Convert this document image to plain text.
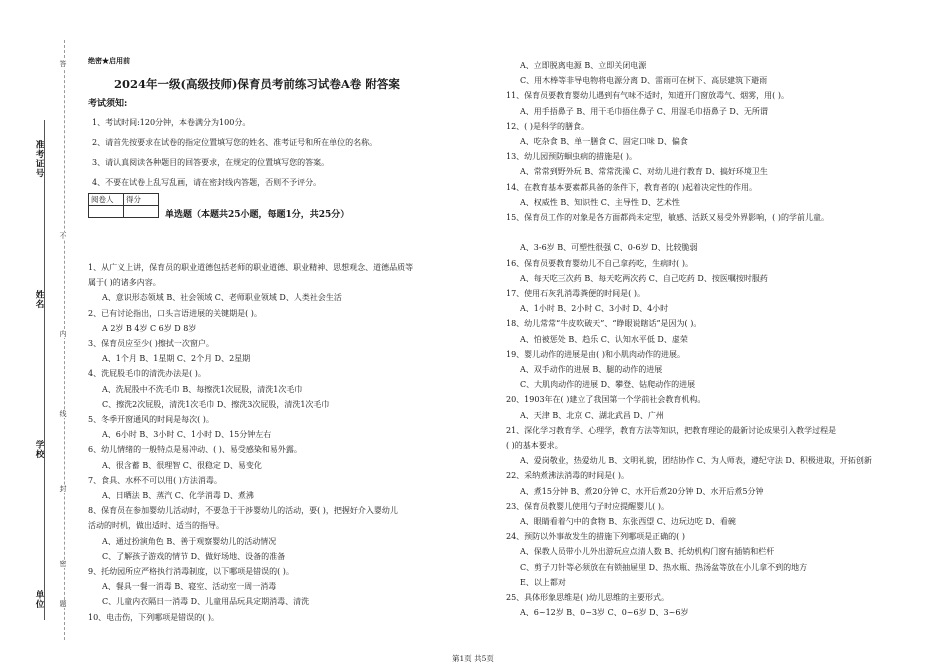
准考证号
姓名
学校
单位
答
不
内
线
封
密
题
绝密★启用前
2024年一级(高级技师)保育员考前练习试卷A卷 附答案
考试须知:
1、考试时间:120分钟，本卷满分为100分。
2、请首先按要求在试卷的指定位置填写您的姓名、准考证号和所在单位的名称。
3、请认真阅读各种题目的回答要求，在规定的位置填写您的答案。
4、不要在试卷上乱写乱画，请在密封线内答题，否则不予评分。
阅卷人	得分

单选题（本题共25小题，每题1分，共25分）
1、从广义上讲，保育员的职业道德包括老师的职业道德、职业精神、思想观念、道德品质等
属于( )的诸多内容。
A、意识形态领域 B、社会领域 C、老师职业领域 D、人类社会生活
2、已有讨论指出，口头言语进展的关键期是( )。
A 2岁 B 4岁 C 6岁 D 8岁
3、保育员应至少( )擦拭一次窗户。
A、1个月 B、1星期 C、2个月 D、2星期
4、洗屁股毛巾的清洗办法是( )。
A、洗屁股中不洗毛巾 B、每擦洗1次屁股，清洗1次毛巾
C、擦洗2次屁股，清洗1次毛巾 D、擦洗3次屁股，清洗1次毛巾
5、冬季开窗通风的时间是每次( )。
A、6小时 B、3小时 C、1小时 D、15分钟左右
6、幼儿情绪的一般特点是易冲动、( )、易受感染和易外露。
A、很含蓄 B、很理智 C、很稳定 D、易变化
7、食具、水杯不可以用( )方法消毒。
A、日晒法 B、蒸汽 C、化学消毒 D、煮沸
8、保育员在参加婴幼儿活动时，不要急于干涉婴幼儿的活动，要( )，把握好介入婴幼儿
活动的时机，做出适时、适当的指导。
A、通过扮演角色 B、善于观察婴幼儿的活动情况
C、了解孩子游戏的情节 D、做好场地、设备的准备
9、托幼园所应严格执行消毒制度，以下哪项是错误的( )。
A、餐具一餐一消毒 B、寝室、活动室一周一消毒
C、儿童内衣隔日一消毒 D、儿童用品玩具定期消毒、清洗
10、电击伤，下列哪项是错误的( )。
A、立即脱离电源 B、立即关闭电源
C、用木棒等非导电物将电源分离 D、雷雨可在树下、高层建筑下避雨
11、保育员要教育婴幼儿遇到有气味不适时，知道开门窗放毒气、烟雾，用( )。
A、用手捂鼻子 B、用干毛巾捂住鼻子 C、用湿毛巾捂鼻子 D、无所谓
12、( )是科学的膳食。
A、吃杂食 B、单一膳食 C、固定口味 D、偏食
13、幼儿园预防蛔虫病的措施是( )。
A、常常到野外玩 B、常常洗澡 C、对幼儿进行教育 D、搞好环境卫生
14、在教育基本要素都具备的条件下，教育者的( )起着决定性的作用。
A、权威性 B、知识性 C、主导性 D、艺术性
15、保育员工作的对象是各方面都尚未定型，敏感、活跃又易受外界影响，( )的学前儿童。
A、3-6岁 B、可塑性很强 C、0-6岁 D、比较脆弱
16、保育员要教育婴幼儿不自己拿药吃，生病时( )。
A、每天吃三次药 B、每天吃两次药 C、自己吃药 D、按医嘱按时服药
17、使用石灰乳消毒粪便的时间是( )。
A、1小时 B、2小时 C、3小时 D、4小时
18、幼儿常常“牛皮吹破天”、“睁眼说瞎话”是因为( )。
A、怕被惩处 B、趋乐 C、认知水平低 D、虚荣
19、婴儿动作的进展是由( )和小肌肉动作的进展。
A、双手动作的进展 B、腿的动作的进展
C、大肌肉动作的进展 D、攀登、钻爬动作的进展
20、1903年在( )建立了我国第一个学前社会教育机构。
A、天津 B、北京 C、湖北武昌 D、广州
21、深化学习教育学、心理学，教育方法等知识，把教育理论的最新讨论成果引入教学过程是
( )的基本要求。
A、爱岗敬业，热爱幼儿 B、文明礼貌，团结协作 C、为人师表，遵纪守法 D、积极进取，开拓创新
22、采纳煮沸法消毒的时间是( )。
A、煮15分钟 B、煮20分钟 C、水开后煮20分钟 D、水开后煮5分钟
23、保育员教婴儿使用勺子时应提醒婴儿( )。
A、眼睛看着勺中的食物 B、东张西望 C、边玩边吃 D、看碗
24、预防以外事故发生的措施下列哪项是正确的( )
A、保教人员带小儿外出游玩应点清人数 B、托幼机构门窗有插销和栏杆
C、剪子刀针等必须放在有锁抽屉里 D、热水瓶、热汤盆等放在小儿拿不到的地方
E、以上都对
25、具体形象思维是( )幼儿思维的主要形式。
A、6~12岁 B、0~3岁 C、0~6岁 D、3~6岁
第1页 共5页
